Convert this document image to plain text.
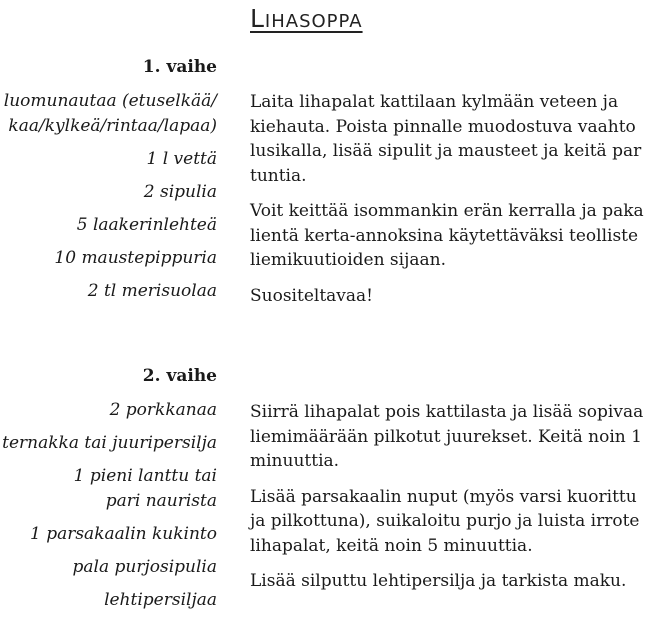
Lihasoppa
1. vaihe
luomunautaa (etuselkää/
kaa/kylkeä/rintaa/lapaa)
1 l vettä
2 sipulia
5 laakerinlehteä
10 maustepippuria
2 tl merisuolaa

Laita lihapalat kattilaan kylmään veteen ja
kiehauta. Poista pinnalle muodostuva vaahto
lusikalla, lisää sipulit ja mausteet ja keitä par
tuntia.

Voit keittää isommankin erän kerralla ja paka
lientä kerta-annoksina käytettäväksi teolliste
liemikuutioiden sijaan.

Suositeltavaa!

2. vaihe
2 porkkanaa
ternakka tai juuripersilja
1 pieni lanttu tai
pari naurista
1 parsakaalin kukinto
pala purjosipulia
lehtipersiljaa

Siirrä lihapalat pois kattilasta ja lisää sopivaa
liemimäärään pilkotut juurekset. Keitä noin 1
minuuttia.

Lisää parsakaalin nuput (myös varsi kuorittu
ja pilkottuna), suikaloitu purjo ja luista irrote
lihapalat, keitä noin 5 minuuttia.

Lisää silputtu lehtipersilja ja tarkista maku.
